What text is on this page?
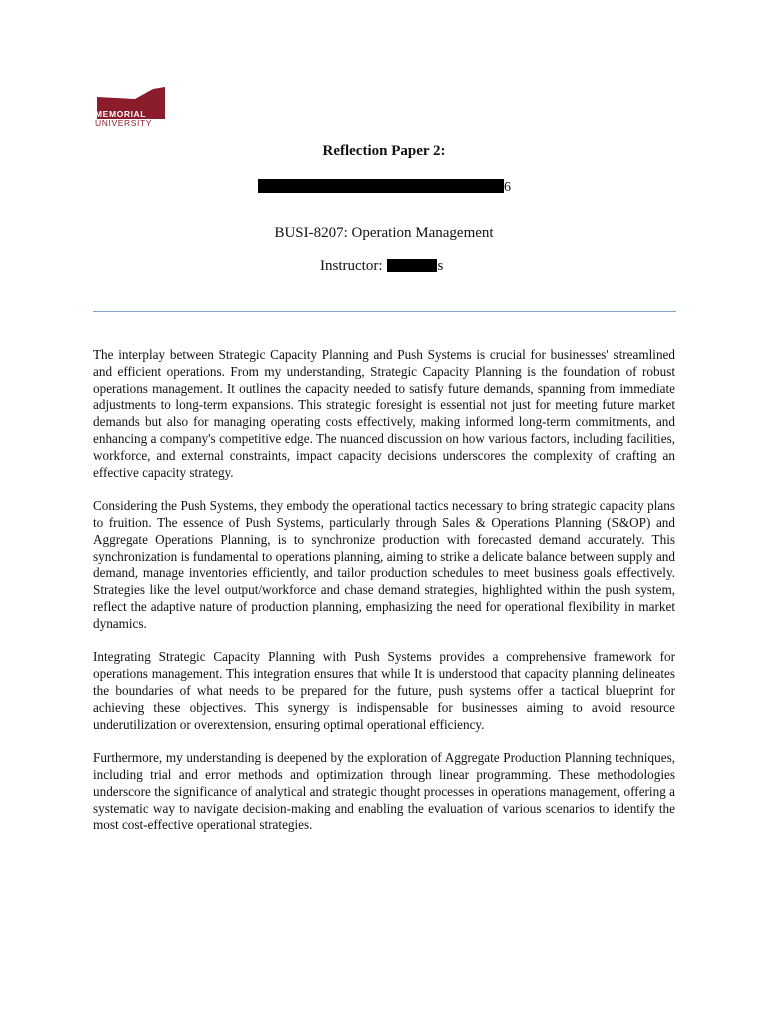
MEMORIAL
UNIVERSITY
Reflection Paper 2:
6
BUSI-8207: Operation Management
Instructor:	s

The interplay between Strategic Capacity Planning and Push Systems is crucial for businesses' streamlined and efficient operations. From my understanding, Strategic Capacity Planning is the foundation of robust operations management. It outlines the capacity needed to satisfy future demands, spanning from immediate adjustments to long-term expansions. This strategic foresight is essential not just for meeting future market demands but also for managing operating costs effectively, making informed long-term commitments, and enhancing a company's competitive edge. The nuanced discussion on how various factors, including facilities, workforce, and external constraints, impact capacity decisions underscores the complexity of crafting an effective capacity strategy.

Considering the Push Systems, they embody the operational tactics necessary to bring strategic capacity plans to fruition. The essence of Push Systems, particularly through Sales & Operations Planning (S&OP) and Aggregate Operations Planning, is to synchronize production with forecasted demand accurately. This synchronization is fundamental to operations planning, aiming to strike a delicate balance between supply and demand, manage inventories efficiently, and tailor production schedules to meet business goals effectively. Strategies like the level output/workforce and chase demand strategies, highlighted within the push system, reflect the adaptive nature of production planning, emphasizing the need for operational flexibility in market dynamics.

Integrating Strategic Capacity Planning with Push Systems provides a comprehensive framework for operations management. This integration ensures that while It is understood that capacity planning delineates the boundaries of what needs to be prepared for the future, push systems offer a tactical blueprint for achieving these objectives. This synergy is indispensable for businesses aiming to avoid resource underutilization or overextension, ensuring optimal operational efficiency.

Furthermore, my understanding is deepened by the exploration of Aggregate Production Planning techniques, including trial and error methods and optimization through linear programming. These methodologies underscore the significance of analytical and strategic thought processes in operations management, offering a systematic way to navigate decision-making and enabling the evaluation of various scenarios to identify the most cost-effective operational strategies.
